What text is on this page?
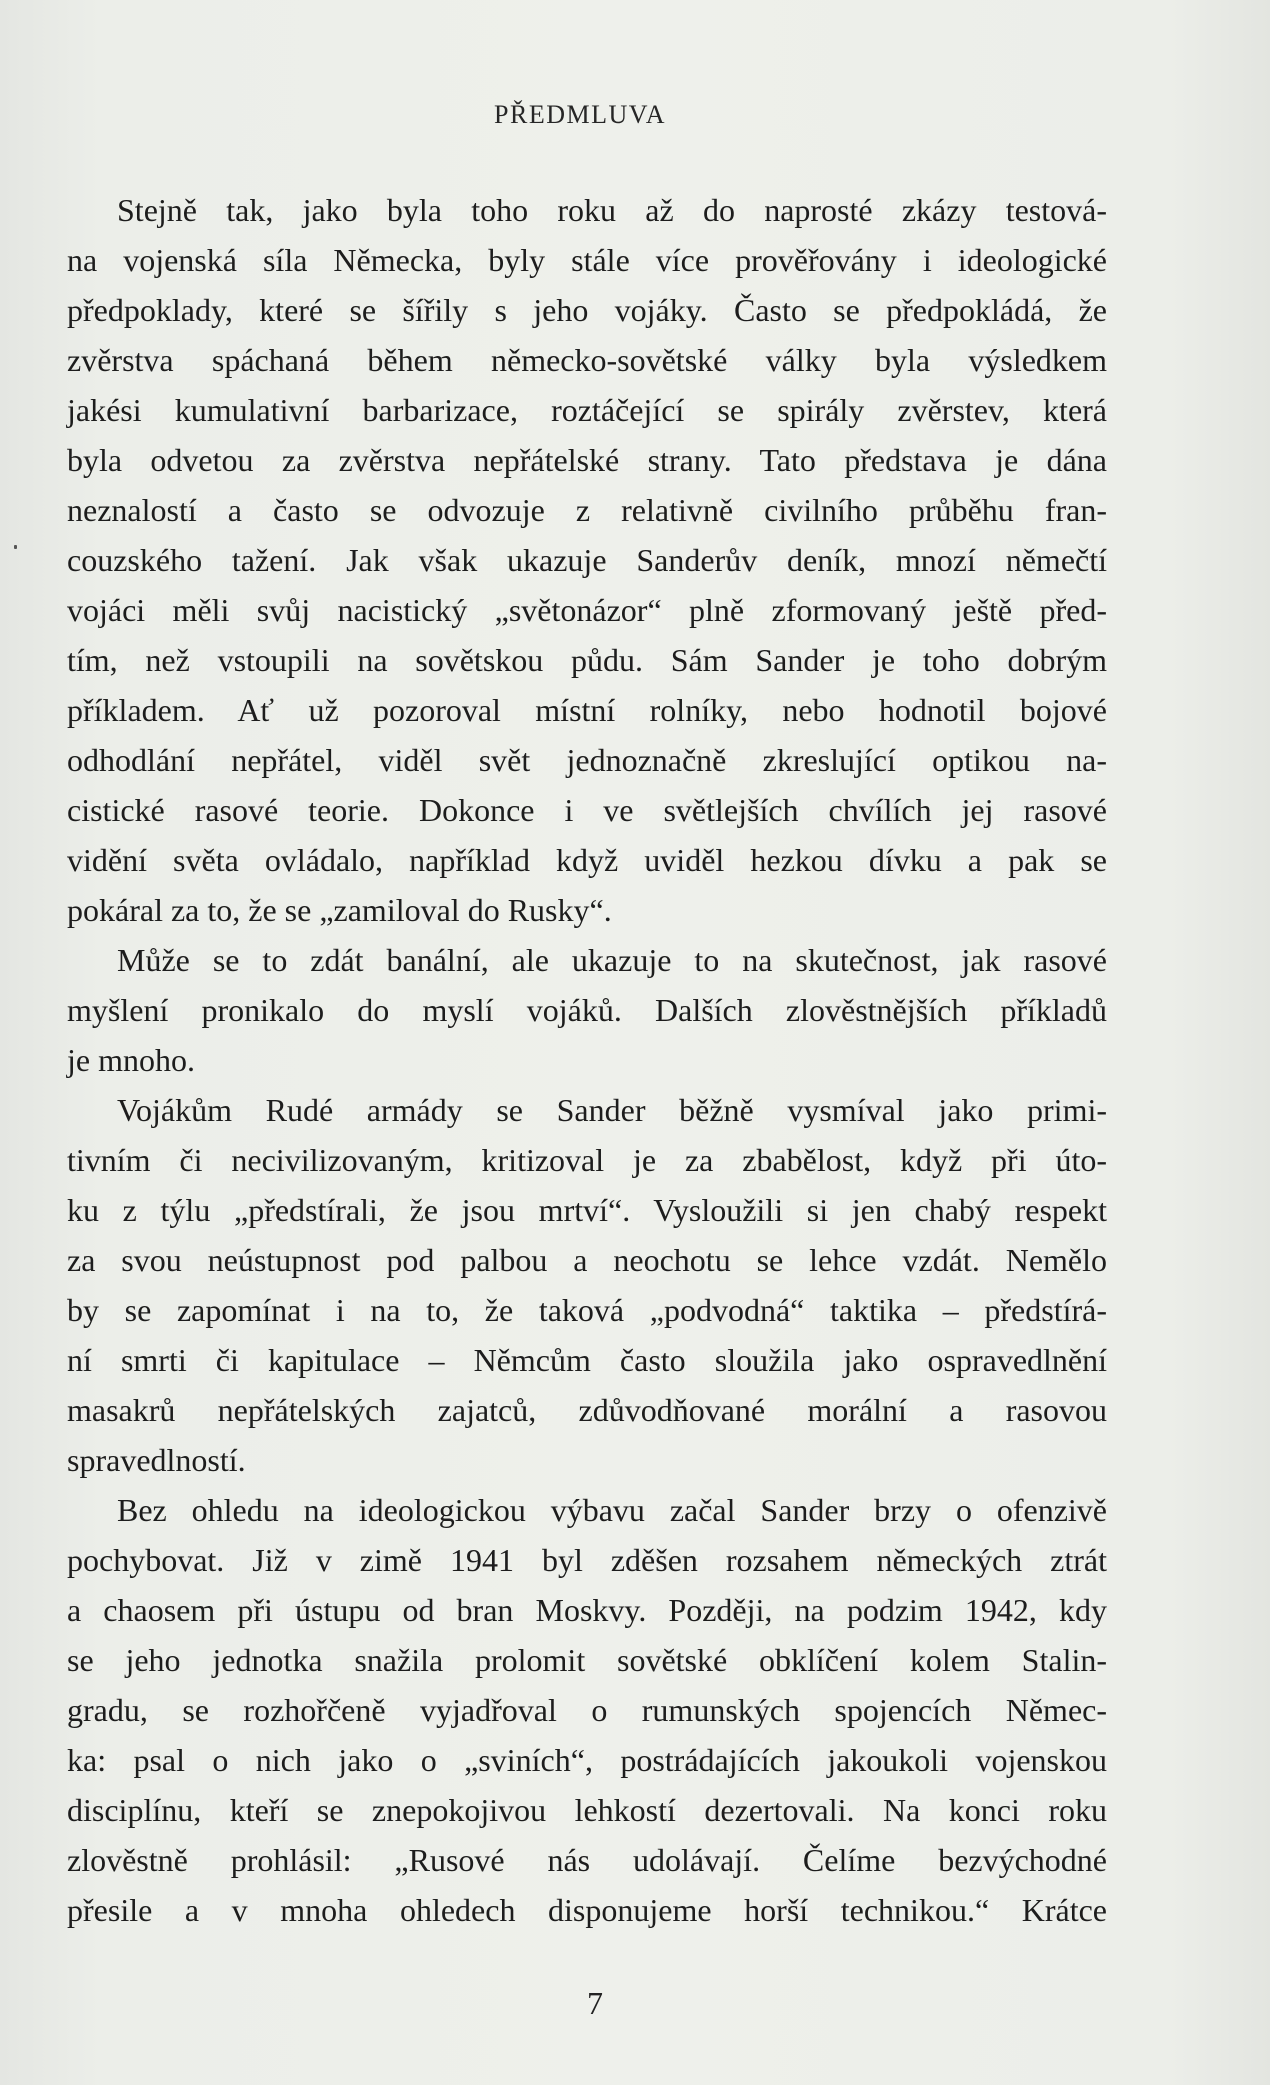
PŘEDMLUVA
Stejně tak, jako byla toho roku až do naprosté zkázy testová-
na vojenská síla Německa, byly stále více prověřovány i ideologické
předpoklady, které se šířily s jeho vojáky. Často se předpokládá, že
zvěrstva spáchaná během německo-sovětské války byla výsledkem
jakési kumulativní barbarizace, roztáčející se spirály zvěrstev, která
byla odvetou za zvěrstva nepřátelské strany. Tato představa je dána
neznalostí a často se odvozuje z relativně civilního průběhu fran-
couzského tažení. Jak však ukazuje Sanderův deník, mnozí němečtí
vojáci měli svůj nacistický „světonázor“ plně zformovaný ještě před-
tím, než vstoupili na sovětskou půdu. Sám Sander je toho dobrým
příkladem. Ať už pozoroval místní rolníky, nebo hodnotil bojové
odhodlání nepřátel, viděl svět jednoznačně zkreslující optikou na-
cistické rasové teorie. Dokonce i ve světlejších chvílích jej rasové
vidění světa ovládalo, například když uviděl hezkou dívku a pak se
pokáral za to, že se „zamiloval do Rusky“.
Může se to zdát banální, ale ukazuje to na skutečnost, jak rasové
myšlení pronikalo do myslí vojáků. Dalších zlověstnějších příkladů
je mnoho.
Vojákům Rudé armády se Sander běžně vysmíval jako primi-
tivním či necivilizovaným, kritizoval je za zbabělost, když při úto-
ku z týlu „předstírali, že jsou mrtví“. Vysloužili si jen chabý respekt
za svou neústupnost pod palbou a neochotu se lehce vzdát. Nemělo
by se zapomínat i na to, že taková „podvodná“ taktika – předstírá-
ní smrti či kapitulace – Němcům často sloužila jako ospravedlnění
masakrů nepřátelských zajatců, zdůvodňované morální a rasovou
spravedlností.
Bez ohledu na ideologickou výbavu začal Sander brzy o ofenzivě
pochybovat. Již v zimě 1941 byl zděšen rozsahem německých ztrát
a chaosem při ústupu od bran Moskvy. Později, na podzim 1942, kdy
se jeho jednotka snažila prolomit sovětské obklíčení kolem Stalin-
gradu, se rozhořčeně vyjadřoval o rumunských spojencích Němec-
ka: psal o nich jako o „sviních“, postrádajících jakoukoli vojenskou
disciplínu, kteří se znepokojivou lehkostí dezertovali. Na konci roku
zlověstně prohlásil: „Rusové nás udolávají. Čelíme bezvýchodné
přesile a v mnoha ohledech disponujeme horší technikou.“ Krátce
7
